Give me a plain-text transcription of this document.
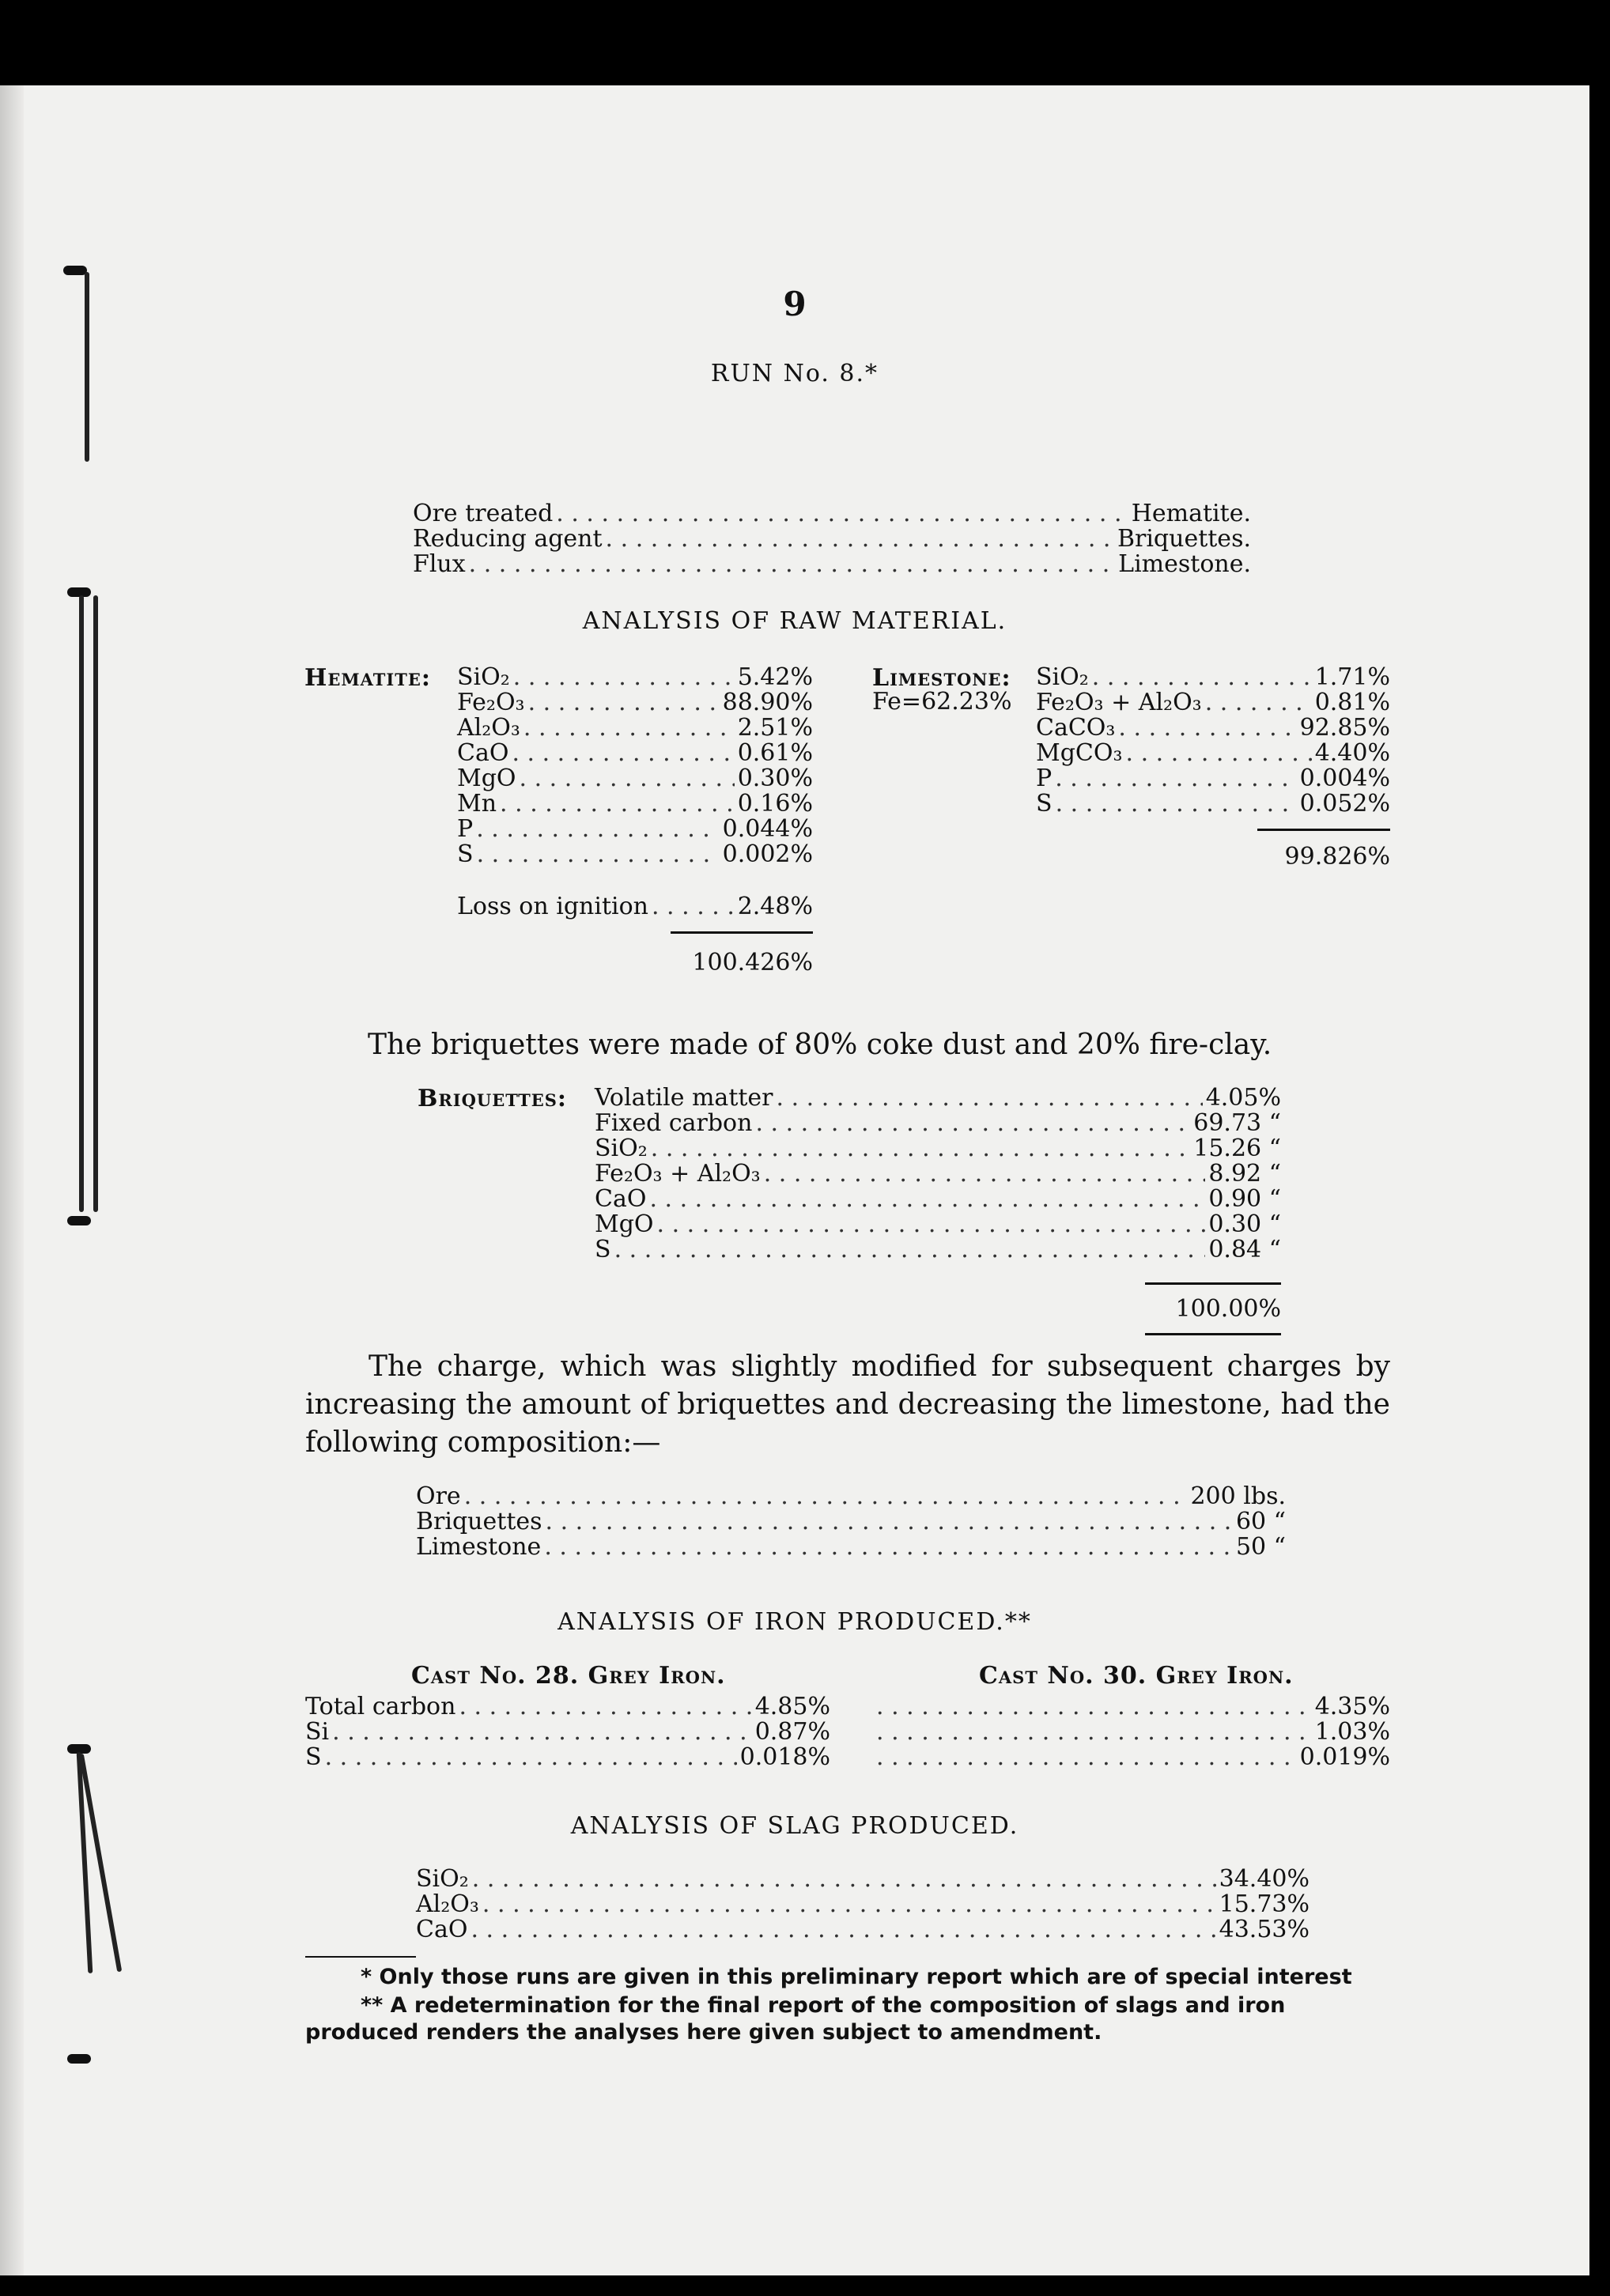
9
RUN No. 8.*
Ore treated . . .	Hematite.
Reducing agent . . .	Briquettes.
Flux . . .	Limestone.
ANALYSIS OF RAW MATERIAL.
Hematite: SiO₂ . . .	5.42%
Fe₂O₃ . . .	88.90%
Al₂O₃ . . .	2.51%
CaO . . .	0.61%
MgO . . .	0.30%
Mn . . .	0.16%
P . . .	0.044%
S . . .	0.002%
Loss on ignition . . .	2.48%
100.426%
Limestone:
Fe=62.23%
SiO₂ . . .	1.71%
Fe₂O₃ + Al₂O₃ . . .	0.81%
CaCO₃ . . .	92.85%
MgCO₃ . . .	4.40%
P . . .	0.004%
S . . .	0.052%
99.826%
The briquettes were made of 80% coke dust and 20% fire-clay.
Briquettes: Volatile matter . . .	4.05%
Fixed carbon . . .	69.73 “
SiO₂ . . .	15.26 “
Fe₂O₃ + Al₂O₃ . . .	8.92 “
CaO . . .	0.90 “
MgO . . .	0.30 “
S . . .	0.84 “
100.00%
The charge, which was slightly modified for subsequent charges by increasing the amount of briquettes and decreasing the limestone, had the following composition:—
Ore . . .	200 lbs.
Briquettes . . .	60 “
Limestone . . .	50 “
ANALYSIS OF IRON PRODUCED.**
Cast No. 28. Grey Iron.	Cast No. 30. Grey Iron.
Total carbon . . .	4.85% . . .	4.35%
Si . . .	0.87% . . .	1.03%
S . . .	0.018% . . .	0.019%
ANALYSIS OF SLAG PRODUCED.
SiO₂ . . .	34.40%
Al₂O₃ . . .	15.73%
CaO . . .	43.53%
* Only those runs are given in this preliminary report which are of special interest
** A redetermination for the final report of the composition of slags and iron produced renders the analyses here given subject to amendment.
